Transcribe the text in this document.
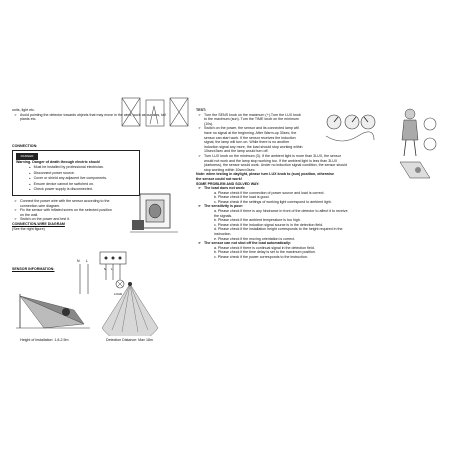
units, light etc.
➢ Avoid pointing the detector towards objects that may move in the wind, such as curtains, tall
plants etc.
CONNECTION:
DANGER
Warning. Danger of death through electric shock!
● Must be installed by professional electrician.
● Disconnect power source.
● Cover or shield any adjacent live components.
● Ensure device cannot be switched on.
● Check power supply is disconnected.
➢ Connect the power wire with the sensor according to the
connection-wire diagram.
➢ Fix the sensor with inflated screw on the selected position
on the wall.
➢ Switch on the power and test it.
CONNECTION-WIRE DIAGRAM
(See the right figure)
SENSOR INFORMATION:
N L
N L
LOAD
Height of installation: 1.8-2.5m	Detection Distance: Max 18m
TEST:
➢ Turn the SENS knob on the maximum (+).Turn the LUX knob
to the maximum (sun). Turn the TIME knob on the minimum
(10s).
➢ Switch on the power, the sensor and its connected lamp will
have no signal at the beginning. After Warm-up 30sec, the
sensor can start work. If the sensor receives the induction
signal, the lamp will turn on. While there is no another
induction signal any more, the load should stop working within
10sec±3sec and the lamp would turn off.
➢ Turn LUX knob on the minimum (3). If the ambient light is more than 3LUX, the sensor
would not work and the lamp stop working too. If the ambient light is less than 3LUX
(darkness), the sensor would work. Under no induction signal condition, the sensor should
stop working within 10sec±3sec.
Note: when testing in daylight, please turn LUX knob to (sun) position, otherwise
the sensor could not work!
SOME PROBLEM AND SOLVED WAY:
➢ The load does not work:
a. Please check if the connection of power source and load is correct.
b. Please check if the load is good.
c. Please check if the settings of working light correspond to ambient light.
➢ The sensitivity is poor:
a. Please check if there is any hindrance in front of the detector to affect it to receive
the signals.
b. Please check if the ambient temperature is too high.
c. Please check if the induction signal source is in the detection field.
d. Please check if the installation height corresponds to the height required in the
instruction.
e. Please check if the moving orientation is correct.
➢ The sensor can not shut off the load automatically:
a. Please check if there is continual signal in the detection field.
b. Please check if the time delay is set to the maximum position.
c. Please check if the power corresponds to the instruction.
